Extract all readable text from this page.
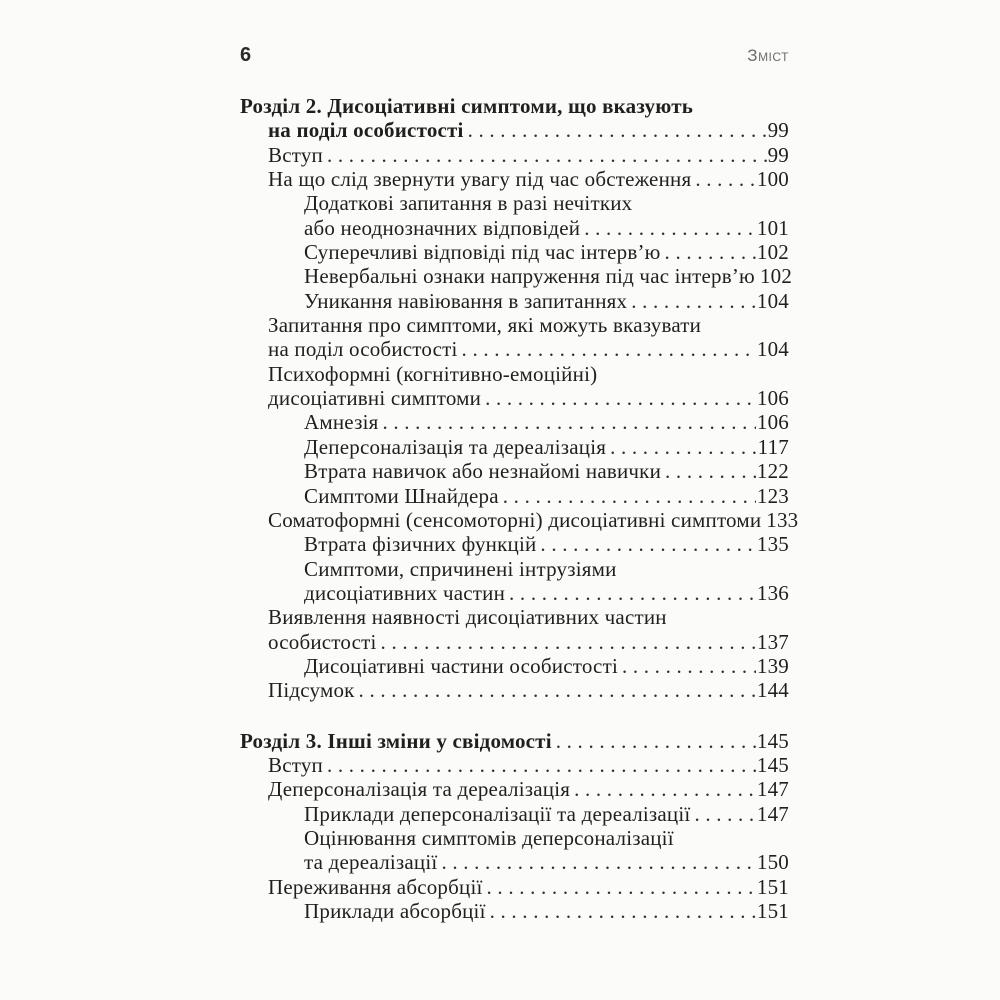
6	Зміст
Розділ 2. Дисоціативні симптоми, що вказують
на поділ особистості . . .	99
Вступ . . .	99
На що слід звернути увагу під час обстеження . . .	100
Додаткові запитання в разі нечітких
або неоднозначних відповідей . . .	101
Суперечливі відповіді під час інтерв’ю . . .	102
Невербальні ознаки напруження під час інтерв’ю 102
Уникання навіювання в запитаннях . . .	104
Запитання про симптоми, які можуть вказувати
на поділ особистості . . .	104
Психоформні (когнітивно-емоційні)
дисоціативні симптоми . . .	106
Амнезія . . .	106
Деперсоналізація та дереалізація . . .	117
Втрата навичок або незнайомі навички . . .	122
Симптоми Шнайдера . . .	123
Соматоформні (сенсомоторні) дисоціативні симптоми 133
Втрата фізичних функцій . . .	135
Симптоми, спричинені інтрузіями
дисоціативних частин . . .	136
Виявлення наявності дисоціативних частин
особистості . . .	137
Дисоціативні частини особистості . . .	139
Підсумок . . .	144
Розділ 3. Інші зміни у свідомості . . .	145
Вступ . . .	145
Деперсоналізація та дереалізація . . .	147
Приклади деперсоналізації та дереалізації . . .	147
Оцінювання симптомів деперсоналізації
та дереалізації . . .	150
Переживання абсорбції . . .	151
Приклади абсорбції . . .	151
